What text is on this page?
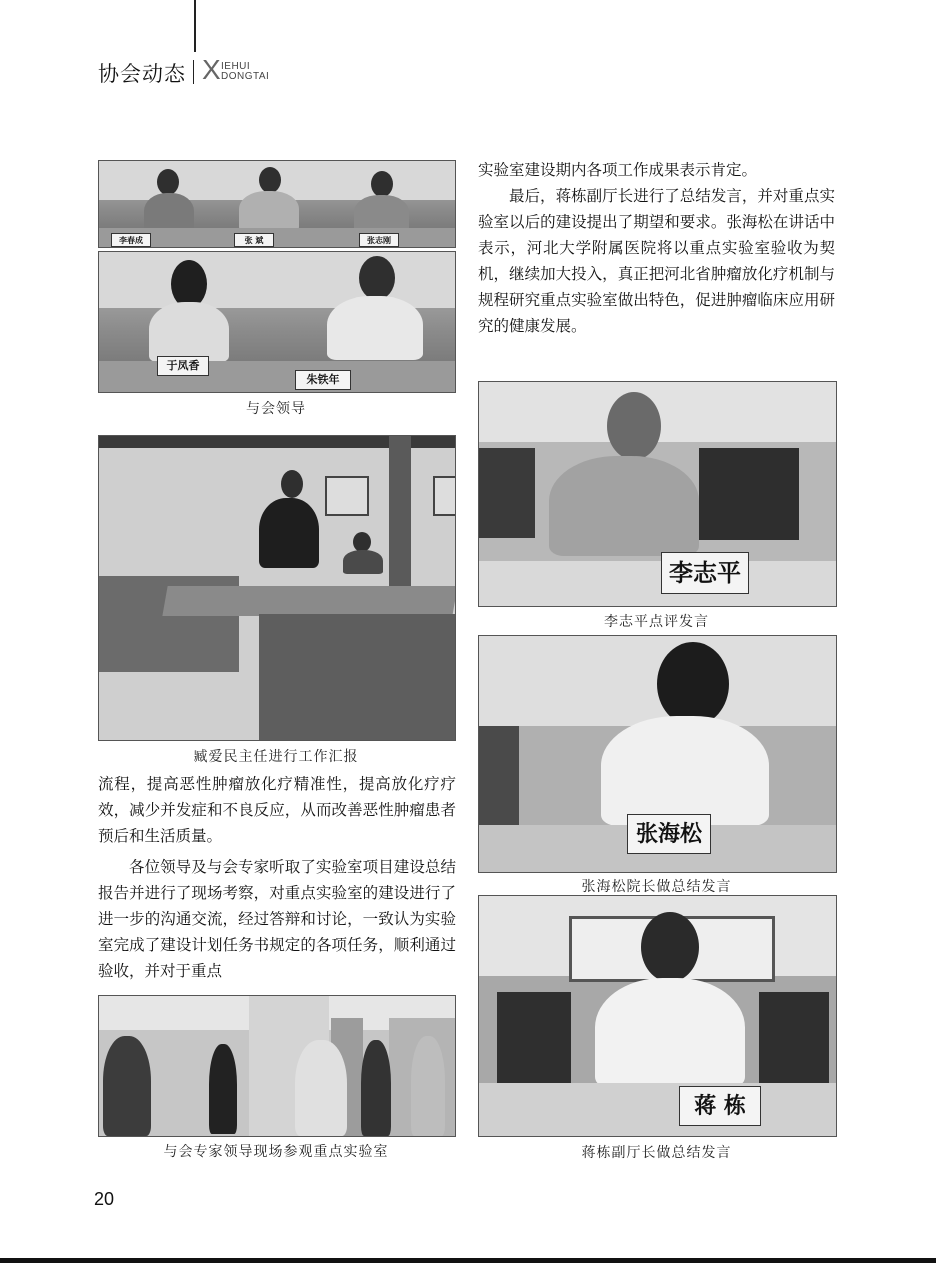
协会动态 X IEHUI
DONGTAI
李春成	张 斌	张志刚
于凤香
朱铁年
与会领导
臧爱民主任进行工作汇报

流程，提高恶性肿瘤放化疗精准性，提高放化疗疗效，减少并发症和不良反应，从而改善恶性肿瘤患者预后和生活质量。

各位领导及与会专家听取了实验室项目建设总结报告并进行了现场考察，对重点实验室的建设进行了进一步的沟通交流，经过答辩和讨论，一致认为实验室完成了建设计划任务书规定的各项任务，顺利通过验收，并对于重点

与会专家领导现场参观重点实验室

实验室建设期内各项工作成果表示肯定。

最后，蒋栋副厅长进行了总结发言，并对重点实验室以后的建设提出了期望和要求。张海松在讲话中表示，河北大学附属医院将以重点实验室验收为契机，继续加大投入，真正把河北省肿瘤放化疗机制与规程研究重点实验室做出特色，促进肿瘤临床应用研究的健康发展。

李志平
李志平点评发言
张海松
张海松院长做总结发言
蒋 栋
蒋栋副厅长做总结发言
20
